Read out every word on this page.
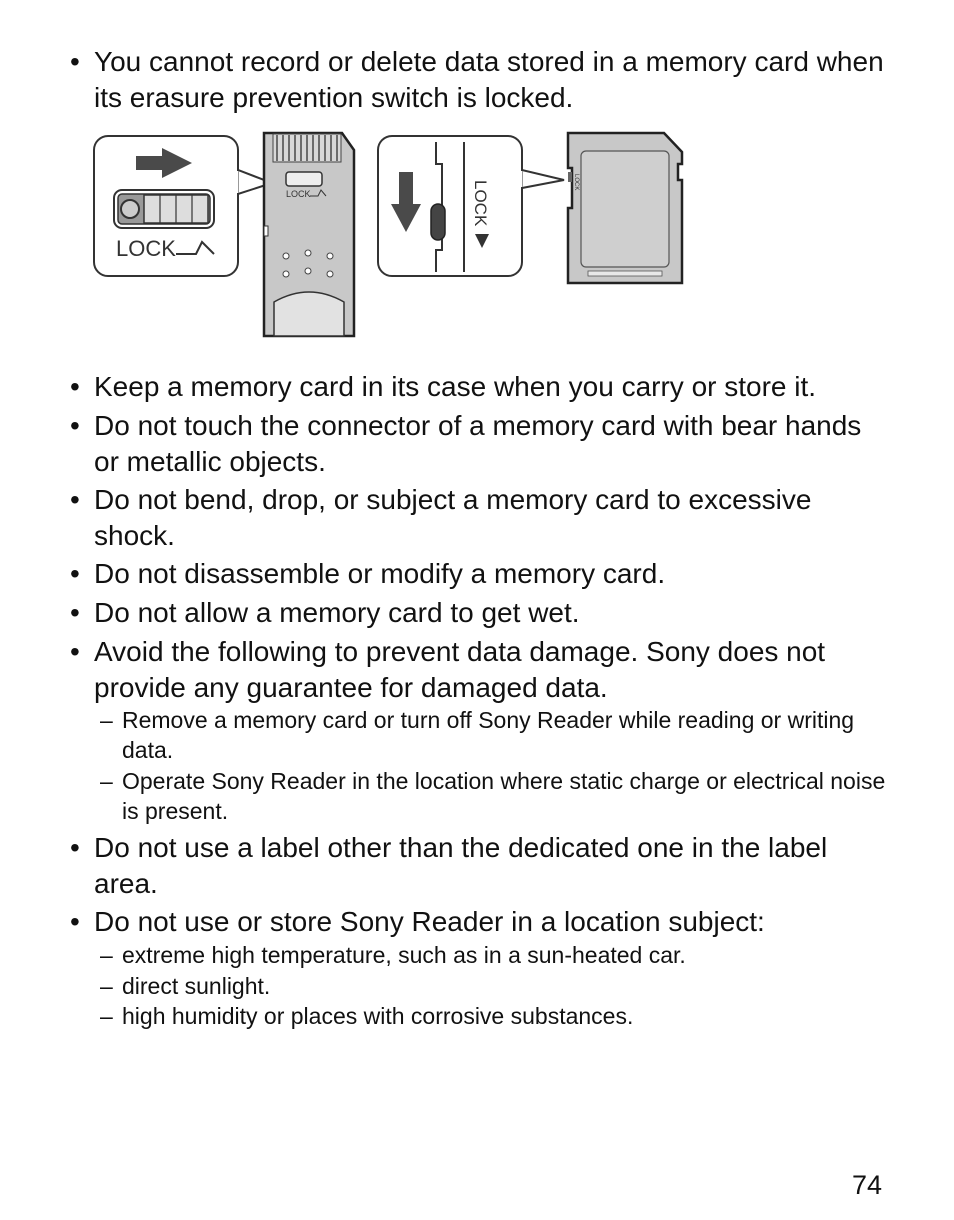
• You cannot record or delete data stored in a memory card when its erasure prevention switch is locked.
LOCK
LOCK	LOCK	LOCK
• Keep a memory card in its case when you carry or store it.
• Do not touch the connector of a memory card with bear hands or metallic objects.
• Do not bend, drop, or subject a memory card to excessive shock.
• Do not disassemble or modify a memory card.
• Do not allow a memory card to get wet.
• Avoid the following to prevent data damage. Sony does not provide any guarantee for damaged data.
– Remove a memory card or turn off Sony Reader while reading or writing data.
– Operate Sony Reader in the location where static charge or electrical noise is present.
• Do not use a label other than the dedicated one in the label area.
• Do not use or store Sony Reader in a location subject:
– extreme high temperature, such as in a sun-heated car.
– direct sunlight.
– high humidity or places with corrosive substances.
74
